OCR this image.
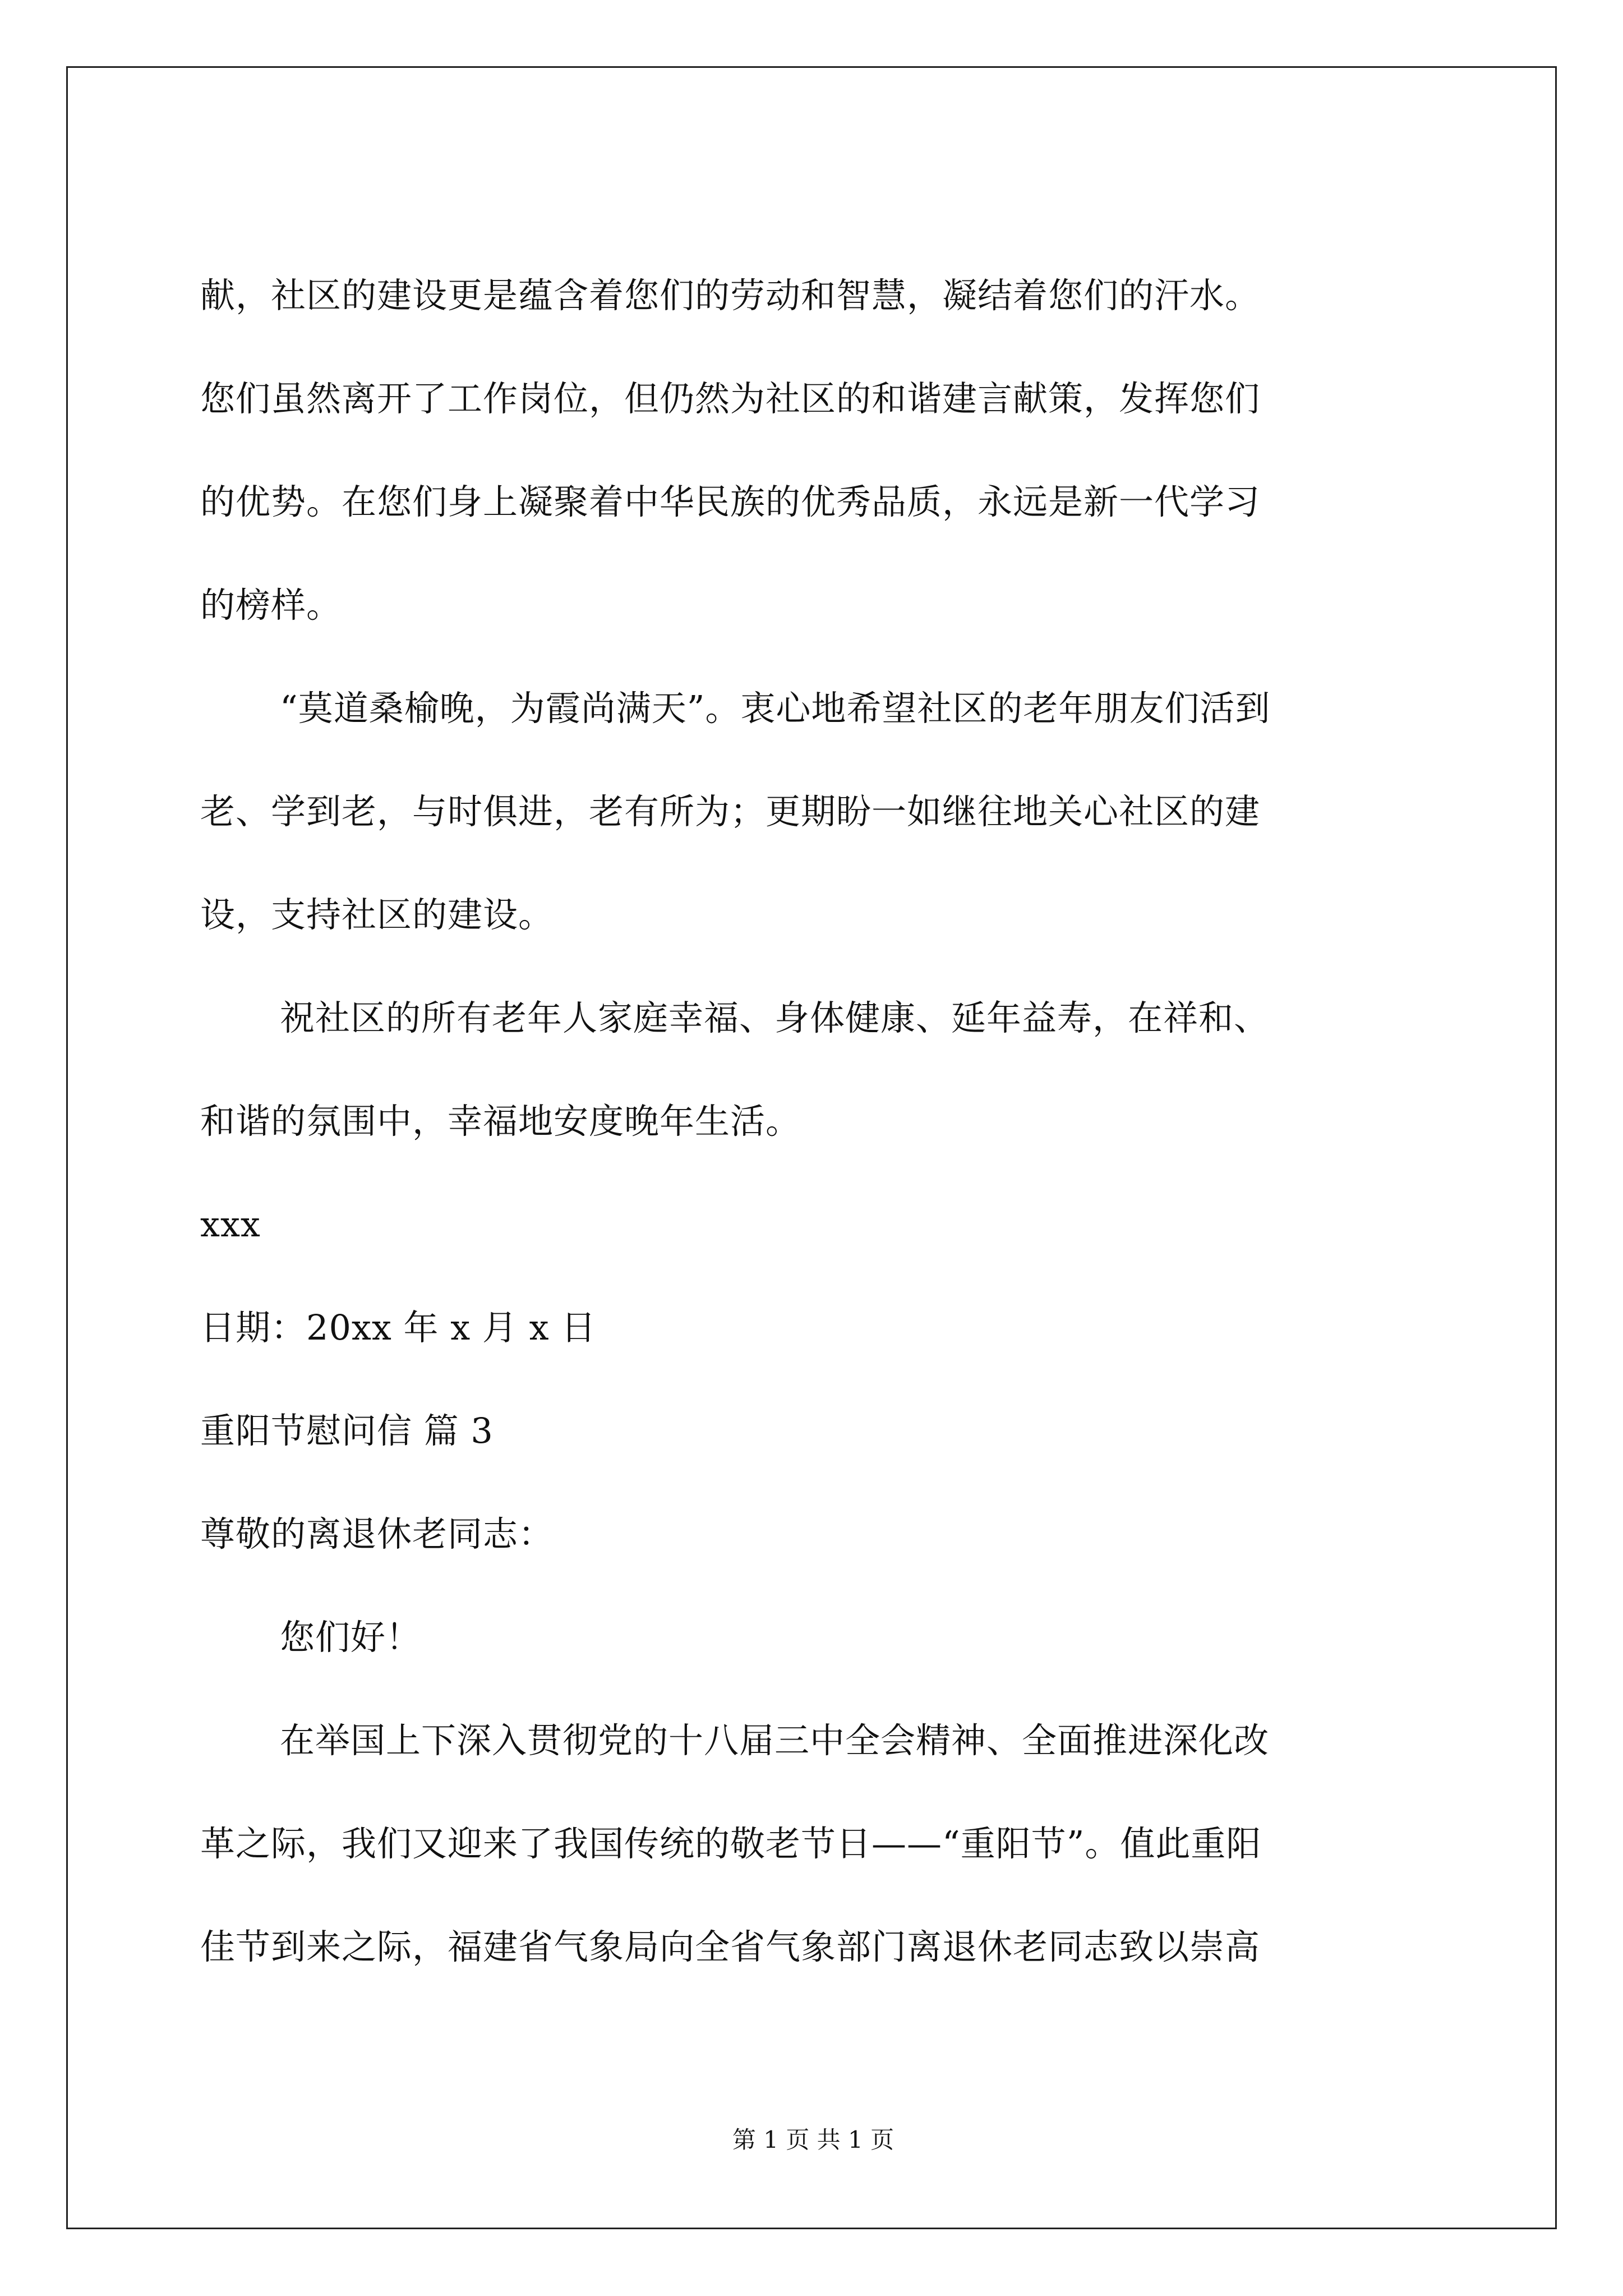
献，社区的建设更是蕴含着您们的劳动和智慧，凝结着您们的汗水。
您们虽然离开了工作岗位，但仍然为社区的和谐建言献策，发挥您们
的优势。在您们身上凝聚着中华民族的优秀品质，永远是新一代学习
的榜样。
“莫道桑榆晚，为霞尚满天”。衷心地希望社区的老年朋友们活到
老、学到老，与时俱进，老有所为；更期盼一如继往地关心社区的建
设，支持社区的建设。
祝社区的所有老年人家庭幸福、身体健康、延年益寿，在祥和、
和谐的氛围中，幸福地安度晚年生活。
xxx
日期：20xx 年 x 月 x 日
重阳节慰问信 篇 3
尊敬的离退休老同志：
您们好！
在举国上下深入贯彻党的十八届三中全会精神、全面推进深化改
革之际，我们又迎来了我国传统的敬老节日——“重阳节”。值此重阳
佳节到来之际，福建省气象局向全省气象部门离退休老同志致以崇高
第 1 页 共 1 页
